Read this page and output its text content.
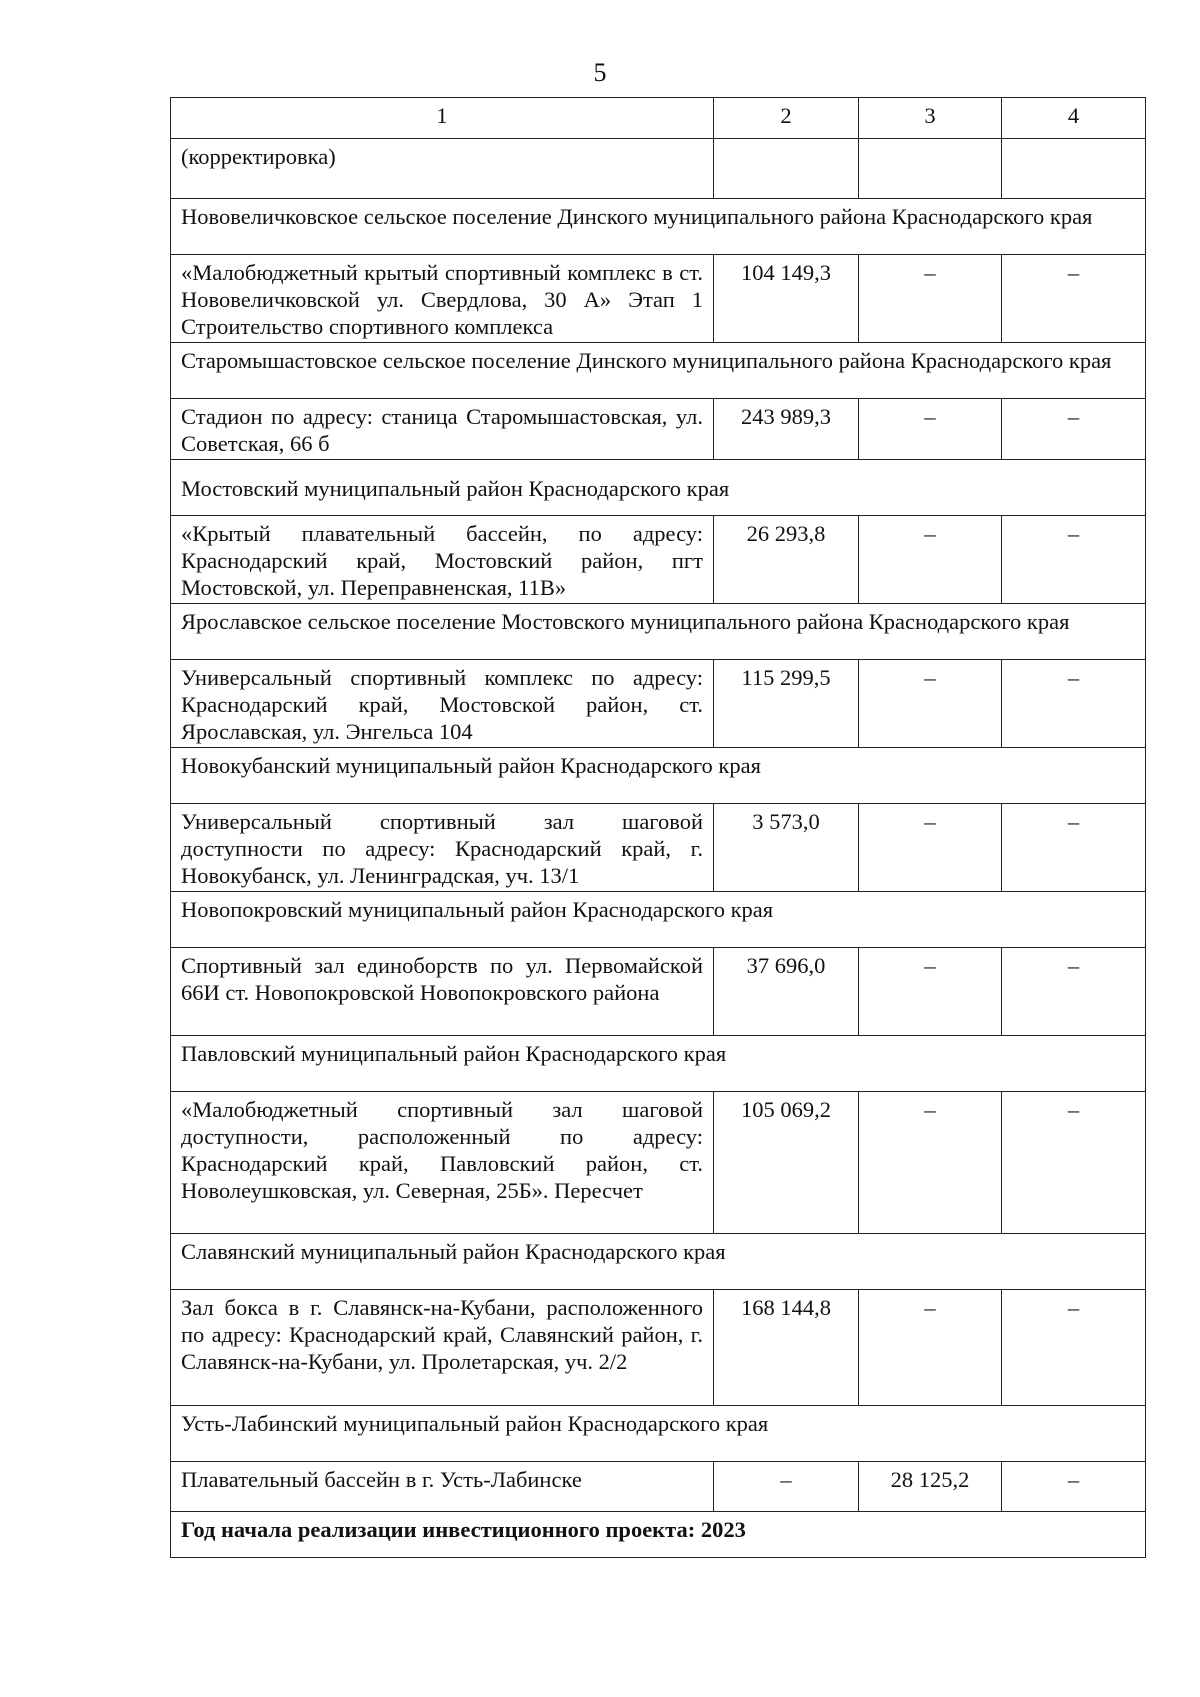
5
1	2	3	4
(корректировка)			
Нововеличковское сельское поселение Динского муниципального района Краснодарского края			
«Малобюджетный крытый спортивный комплекс в ст. Нововеличковской ул. Свердлова, 30 А» Этап 1 Строительство спортивного комплекса	104 149,3	–	–
Старомышастовское сельское поселение Динского муниципального района Краснодарского края			
Стадион по адресу: станица Старомышастовская, ул. Советская, 66 б	243 989,3	–	–
Мостовский муниципальный район Краснодарского края			
«Крытый плавательный бассейн, по адресу: Краснодарский край, Мостовский район, пгт Мостовской, ул. Переправненская, 11В»	26 293,8	–	–
Ярославское сельское поселение Мостовского муниципального района Краснодарского края			
Универсальный спортивный комплекс по адресу: Краснодарский край, Мостовской район, ст. Ярославская, ул. Энгельса 104	115 299,5	–	–
Новокубанский муниципальный район Краснодарского края			
Универсальный спортивный зал шаговой доступности по адресу: Краснодарский край, г. Новокубанск, ул. Ленинградская, уч. 13/1	3 573,0	–	–
Новопокровский муниципальный район Краснодарского края			
Спортивный зал единоборств по ул. Первомайской 66И ст. Новопокровской Новопокровского района	37 696,0	–	–
Павловский муниципальный район Краснодарского края			
«Малобюджетный спортивный зал шаговой доступности, расположенный по адресу: Краснодарский край, Павловский район, ст. Новолеушковская, ул. Северная, 25Б». Пересчет	105 069,2	–	–
Славянский муниципальный район Краснодарского края			
Зал бокса в г. Славянск-на-Кубани, расположенного по адресу: Краснодарский край, Славянский район, г. Славянск-на-Кубани, ул. Пролетарская, уч. 2/2	168 144,8	–	–
Усть-Лабинский муниципальный район Краснодарского края			
Плавательный бассейн в г. Усть-Лабинске	–	28 125,2	–
Год начала реализации инвестиционного проекта: 2023			
